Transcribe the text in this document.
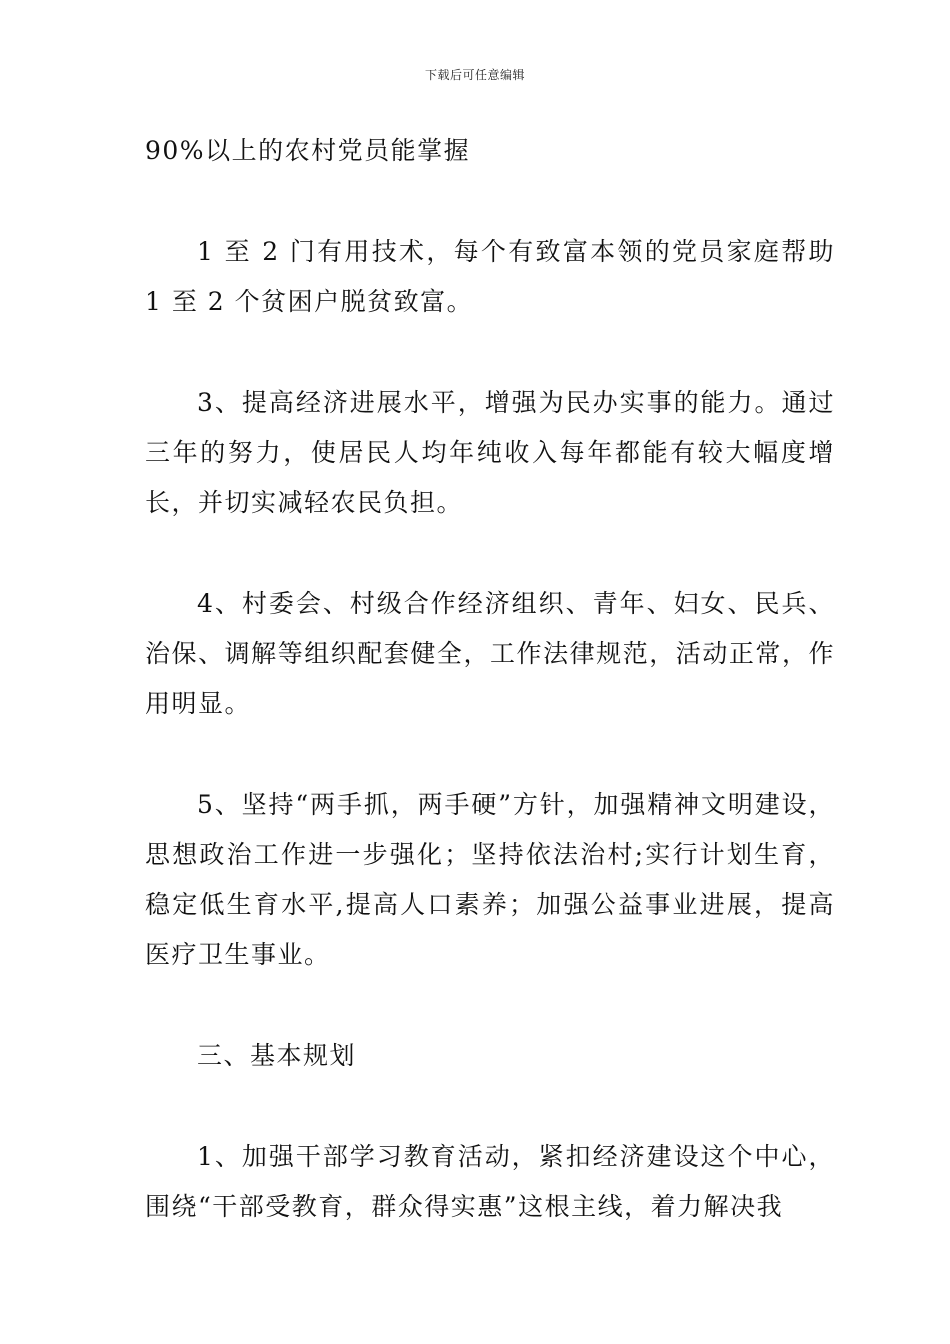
下载后可任意编辑

90%以上的农村党员能掌握

1 至 2 门有用技术，每个有致富本领的党员家庭帮助 1 至 2 个贫困户脱贫致富。

3、提高经济进展水平，增强为民办实事的能力。通过三年的努力，使居民人均年纯收入每年都能有较大幅度增长，并切实减轻农民负担。

4、村委会、村级合作经济组织、青年、妇女、民兵、治保、调解等组织配套健全，工作法律规范，活动正常，作用明显。

5、坚持“两手抓，两手硬”方针，加强精神文明建设，思想政治工作进一步强化；坚持依法治村;实行计划生育，稳定低生育水平,提高人口素养；加强公益事业进展，提高医疗卫生事业。

三、基本规划

1、加强干部学习教育活动，紧扣经济建设这个中心，围绕“干部受教育，群众得实惠”这根主线，着力解决我
